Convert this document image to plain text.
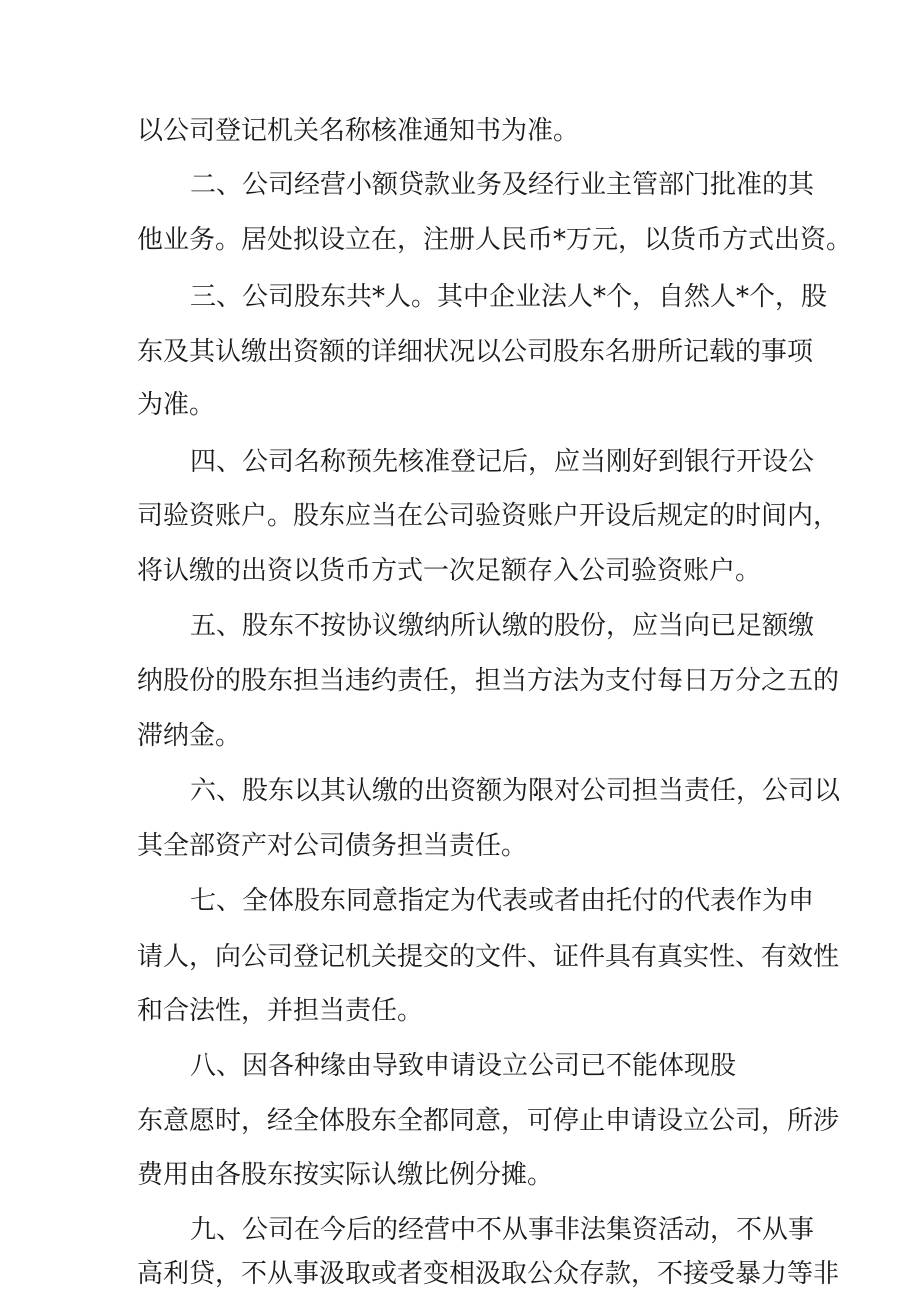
以公司登记机关名称核准通知书为准。
二、公司经营小额贷款业务及经行业主管部门批准的其
他业务。居处拟设立在，注册人民币*万元，以货币方式出资。
三、公司股东共*人。其中企业法人*个，自然人*个，股
东及其认缴出资额的详细状况以公司股东名册所记载的事项
为准。
四、公司名称预先核准登记后，应当刚好到银行开设公
司验资账户。股东应当在公司验资账户开设后规定的时间内，
将认缴的出资以货币方式一次足额存入公司验资账户。
五、股东不按协议缴纳所认缴的股份，应当向已足额缴
纳股份的股东担当违约责任，担当方法为支付每日万分之五的
滞纳金。
六、股东以其认缴的出资额为限对公司担当责任，公司以
其全部资产对公司债务担当责任。
七、全体股东同意指定为代表或者由托付的代表作为申
请人，向公司登记机关提交的文件、证件具有真实性、有效性
和合法性，并担当责任。
八、因各种缘由导致申请设立公司已不能体现股
东意愿时，经全体股东全都同意，可停止申请设立公司，所涉
费用由各股东按实际认缴比例分摊。
九、公司在今后的经营中不从事非法集资活动，不从事
高利贷，不从事汲取或者变相汲取公众存款，不接受暴力等非
